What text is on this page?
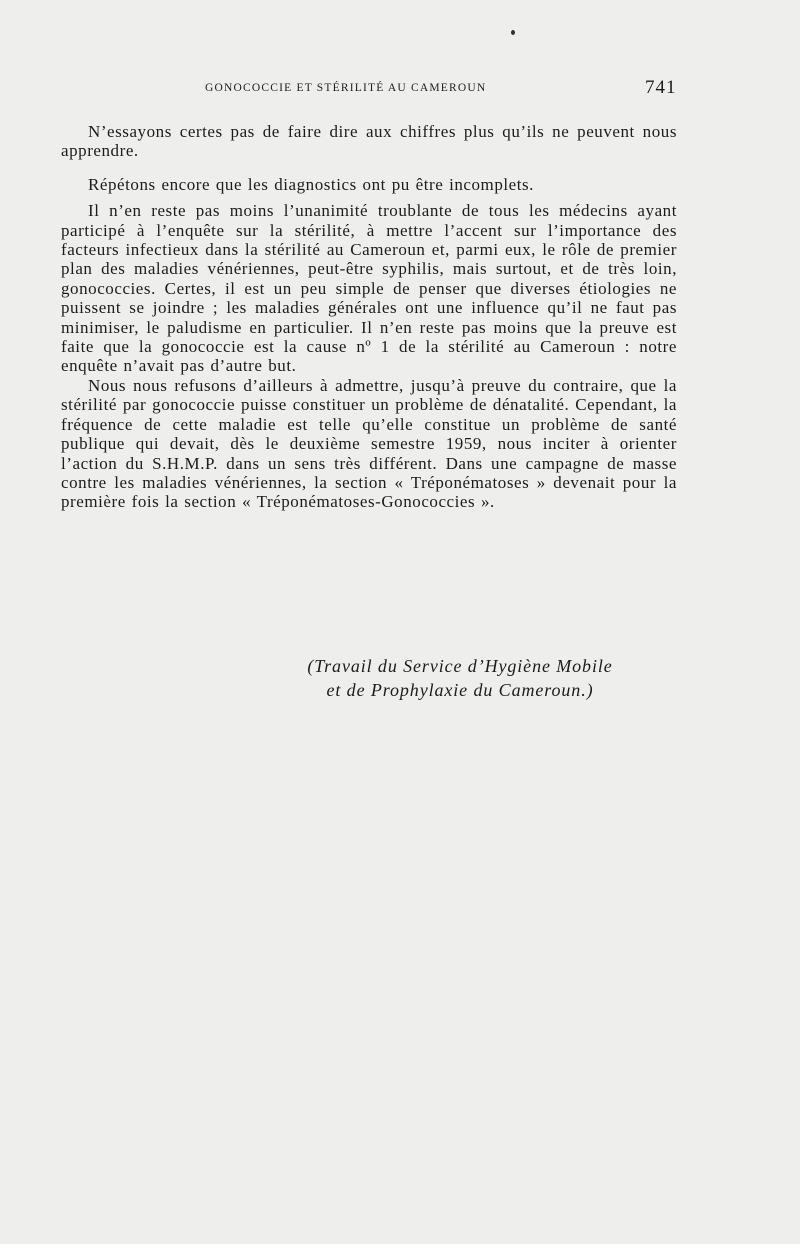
GONOCOCCIE ET STÉRILITÉ AU CAMEROUN	741

N’essayons certes pas de faire dire aux chiffres plus qu’ils ne peuvent nous apprendre.

Répétons encore que les diagnostics ont pu être incomplets.

Il n’en reste pas moins l’unanimité troublante de tous les médecins ayant participé à l’enquête sur la stérilité, à mettre l’accent sur l’importance des facteurs infectieux dans la stérilité au Cameroun et, parmi eux, le rôle de premier plan des maladies vénériennes, peut-être syphilis, mais surtout, et de très loin, gonococcies. Certes, il est un peu simple de penser que diverses étiologies ne puissent se joindre ; les maladies générales ont une influence qu’il ne faut pas minimiser, le paludisme en particulier. Il n’en reste pas moins que la preuve est faite que la gonococcie est la cause nº 1 de la stérilité au Cameroun : notre enquête n’avait pas d’autre but.

Nous nous refusons d’ailleurs à admettre, jusqu’à preuve du contraire, que la stérilité par gonococcie puisse constituer un problème de dénatalité. Cependant, la fréquence de cette maladie est telle qu’elle constitue un problème de santé publique qui devait, dès le deuxième semestre 1959, nous inciter à orienter l’action du S.H.M.P. dans un sens très différent. Dans une campagne de masse contre les maladies vénériennes, la section « Tréponématoses » devenait pour la première fois la section « Tréponématoses-Gonococcies ».

(Travail du Service d’Hygiène Mobile
et de Prophylaxie du Cameroun.)
